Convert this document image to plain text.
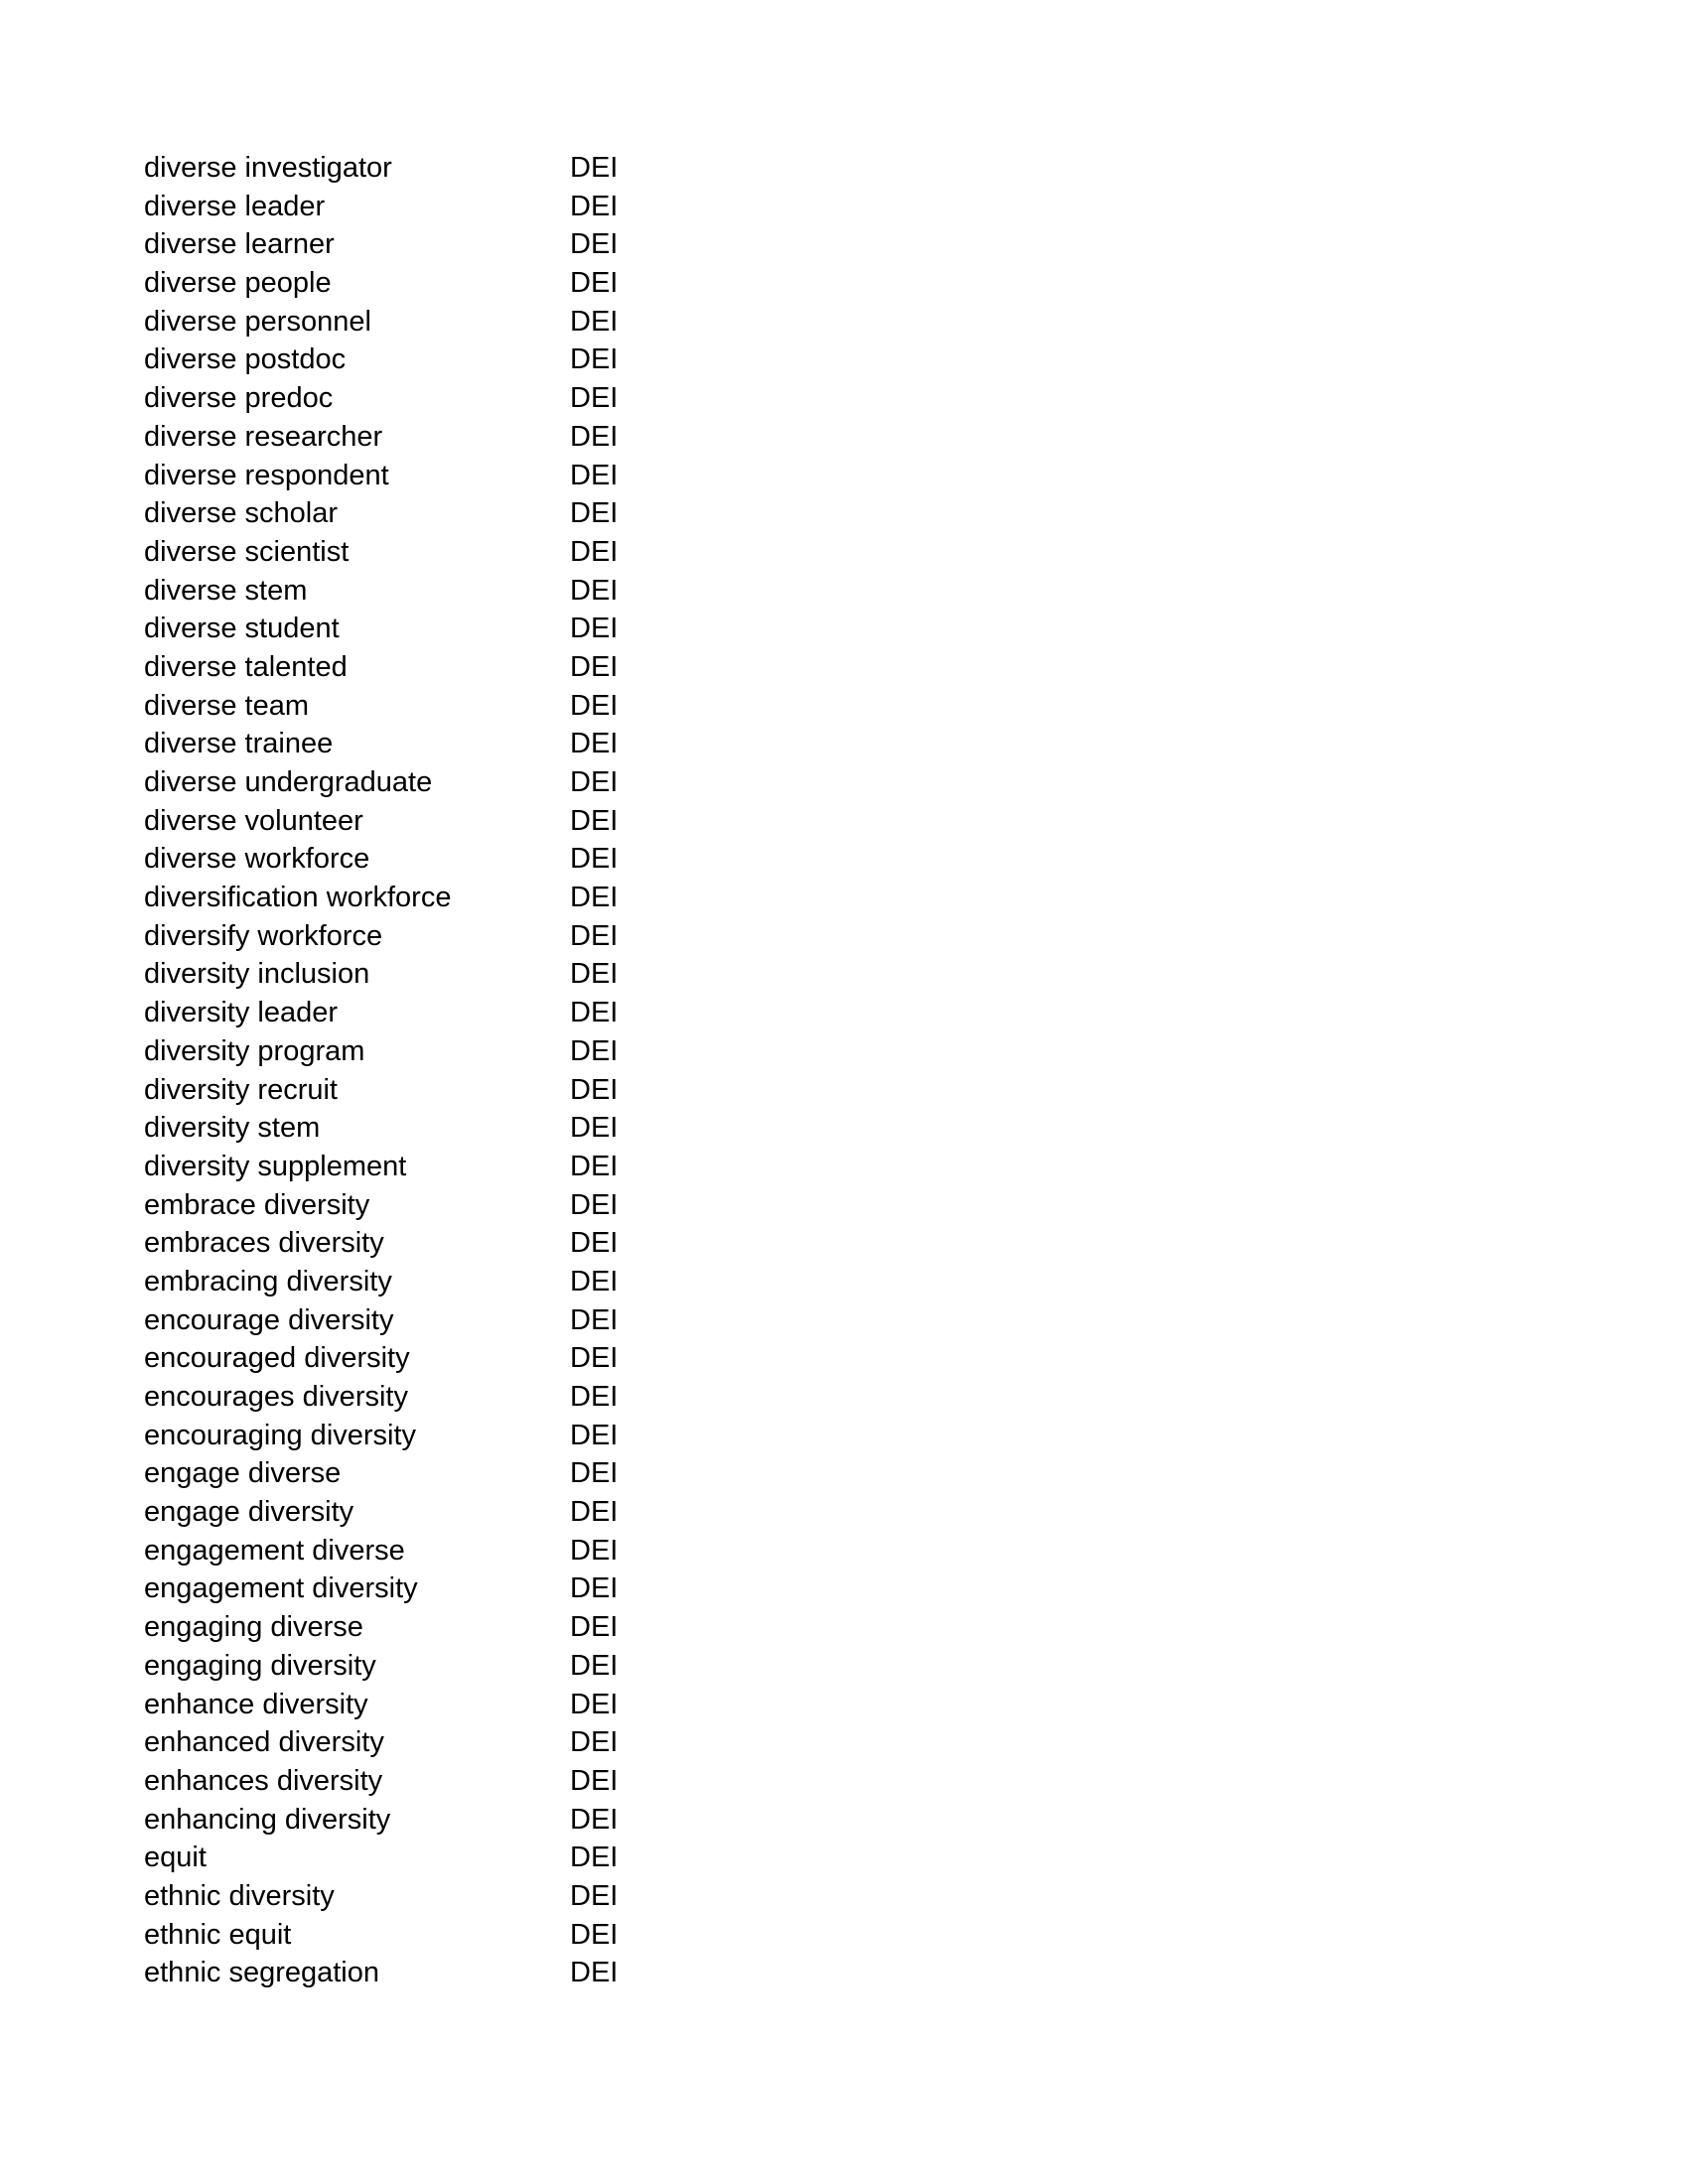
diverse investigator	DEI
diverse leader	DEI
diverse learner	DEI
diverse people	DEI
diverse personnel	DEI
diverse postdoc	DEI
diverse predoc	DEI
diverse researcher	DEI
diverse respondent	DEI
diverse scholar	DEI
diverse scientist	DEI
diverse stem	DEI
diverse student	DEI
diverse talented	DEI
diverse team	DEI
diverse trainee	DEI
diverse undergraduate	DEI
diverse volunteer	DEI
diverse workforce	DEI
diversification workforce	DEI
diversify workforce	DEI
diversity inclusion	DEI
diversity leader	DEI
diversity program	DEI
diversity recruit	DEI
diversity stem	DEI
diversity supplement	DEI
embrace diversity	DEI
embraces diversity	DEI
embracing diversity	DEI
encourage diversity	DEI
encouraged diversity	DEI
encourages diversity	DEI
encouraging diversity	DEI
engage diverse	DEI
engage diversity	DEI
engagement diverse	DEI
engagement diversity	DEI
engaging diverse	DEI
engaging diversity	DEI
enhance diversity	DEI
enhanced diversity	DEI
enhances diversity	DEI
enhancing diversity	DEI
equit	DEI
ethnic diversity	DEI
ethnic equit	DEI
ethnic segregation	DEI
